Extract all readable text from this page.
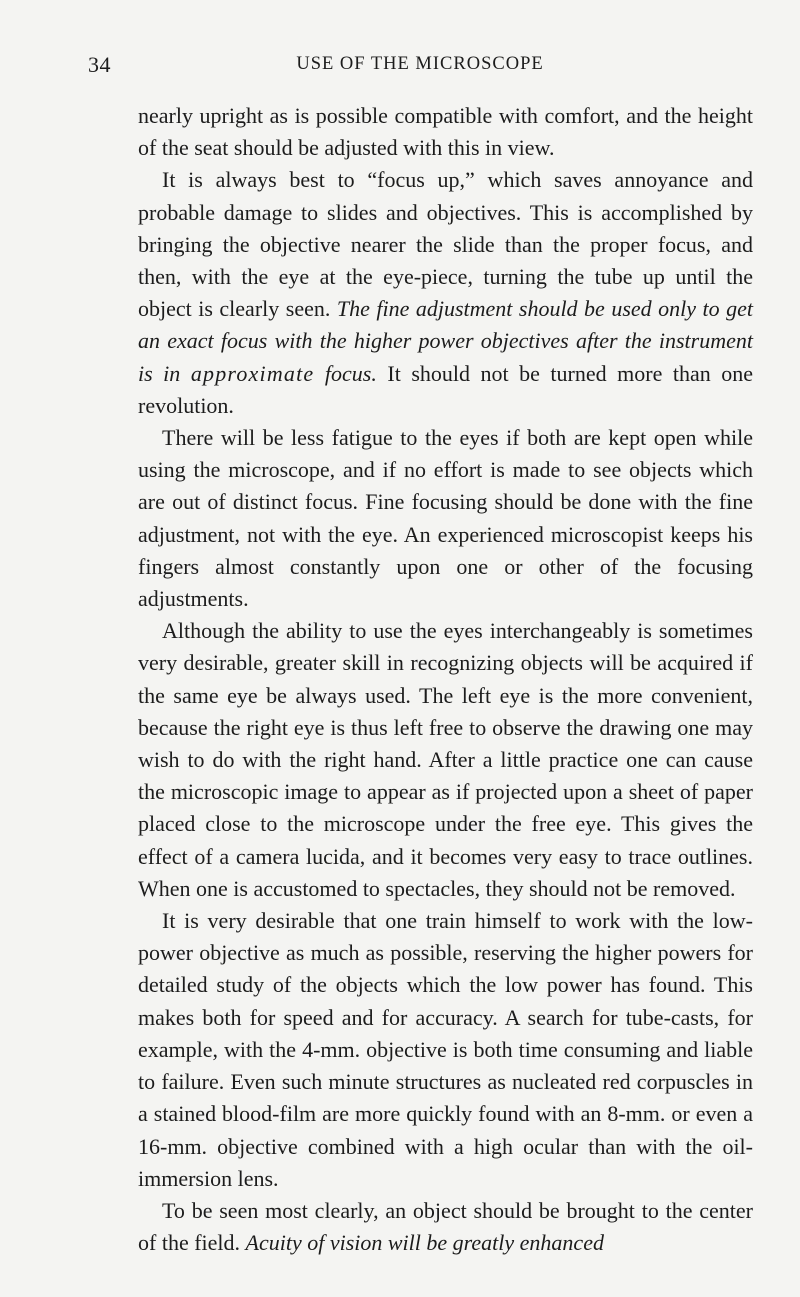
34	USE OF THE MICROSCOPE

nearly upright as is possible compatible with comfort, and the height of the seat should be adjusted with this in view.

It is always best to “focus up,” which saves annoyance and probable damage to slides and objectives. This is accomplished by bringing the objective nearer the slide than the proper focus, and then, with the eye at the eye-piece, turning the tube up until the object is clearly seen. The fine adjustment should be used only to get an exact focus with the higher power objectives after the instrument is in approximate focus. It should not be turned more than one revolution.

There will be less fatigue to the eyes if both are kept open while using the microscope, and if no effort is made to see objects which are out of distinct focus. Fine focusing should be done with the fine adjustment, not with the eye. An experienced microscopist keeps his fingers almost constantly upon one or other of the focusing adjustments.

Although the ability to use the eyes interchangeably is sometimes very desirable, greater skill in recognizing objects will be acquired if the same eye be always used. The left eye is the more convenient, because the right eye is thus left free to observe the drawing one may wish to do with the right hand. After a little practice one can cause the microscopic image to appear as if projected upon a sheet of paper placed close to the microscope under the free eye. This gives the effect of a camera lucida, and it becomes very easy to trace outlines. When one is accustomed to spectacles, they should not be removed.

It is very desirable that one train himself to work with the low-power objective as much as possible, reserving the higher powers for detailed study of the objects which the low power has found. This makes both for speed and for accuracy. A search for tube-casts, for example, with the 4-mm. objective is both time consuming and liable to failure. Even such minute structures as nucleated red corpuscles in a stained blood-film are more quickly found with an 8-mm. or even a 16-mm. objective combined with a high ocular than with the oil-immersion lens.

To be seen most clearly, an object should be brought to the center of the field. Acuity of vision will be greatly enhanced
